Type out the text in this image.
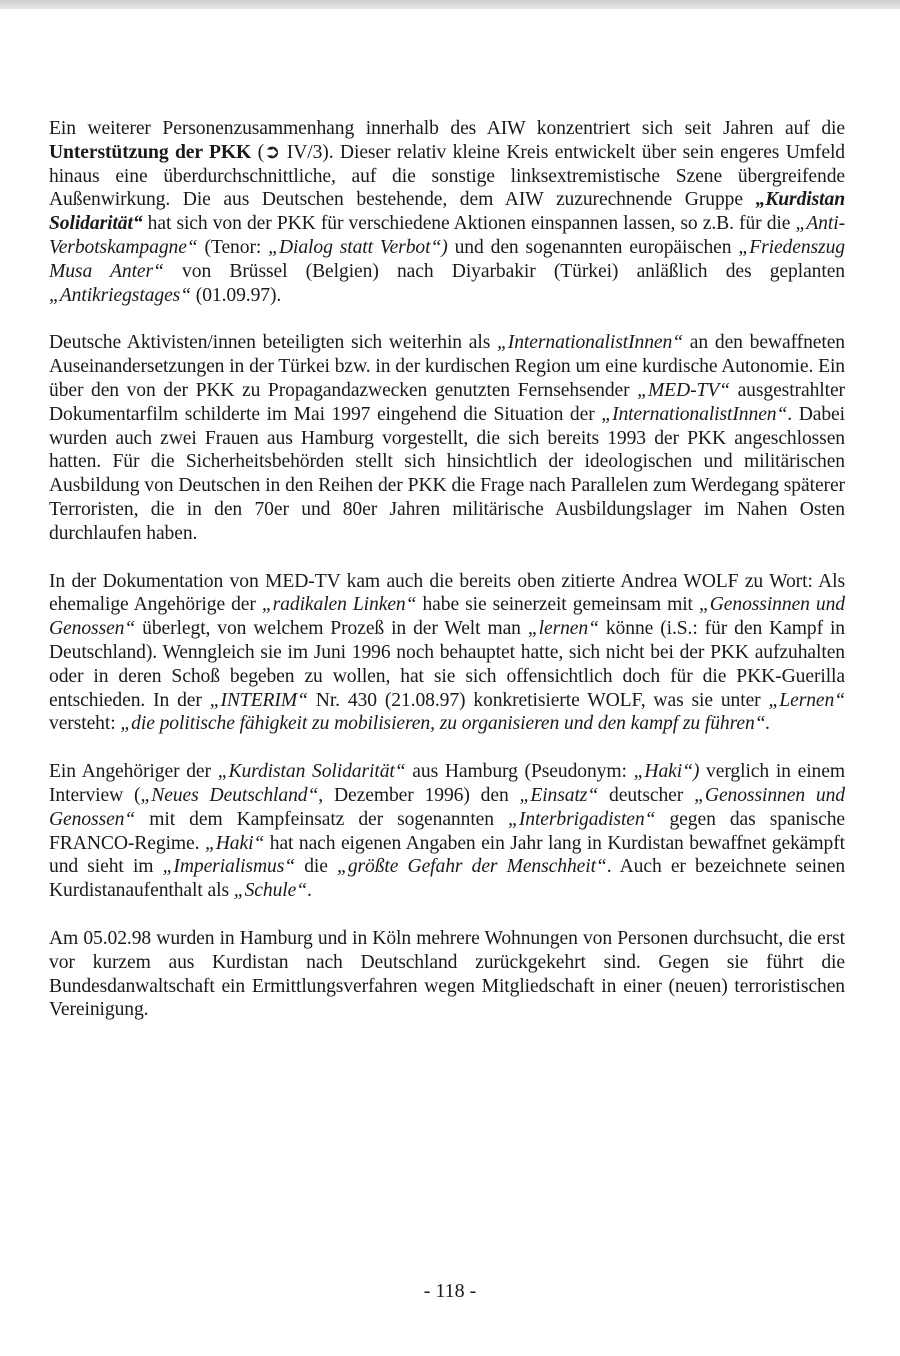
Ein weiterer Personenzusammenhang innerhalb des AIW konzentriert sich seit Jahren auf die Unterstützung der PKK (➲ IV/3). Dieser relativ kleine Kreis entwickelt über sein engeres Umfeld hinaus eine überdurchschnittliche, auf die sonstige linksextremistische Szene übergreifende Außenwirkung. Die aus Deutschen bestehende, dem AIW zuzurechnende Gruppe „Kurdistan Solidarität“ hat sich von der PKK für verschiedene Aktionen einspannen lassen, so z.B. für die „Anti-Verbotskampagne“ (Tenor: „Dialog statt Verbot“) und den sogenannten europäischen „Friedenszug Musa Anter“ von Brüssel (Belgien) nach Diyarbakir (Türkei) anläßlich des geplanten „Antikriegstages“ (01.09.97).

Deutsche Aktivisten/innen beteiligten sich weiterhin als „InternationalistInnen“ an den bewaffneten Auseinandersetzungen in der Türkei bzw. in der kurdischen Region um eine kurdische Autonomie. Ein über den von der PKK zu Propagandazwecken genutzten Fernsehsender „MED-TV“ ausgestrahlter Dokumentarfilm schilderte im Mai 1997 eingehend die Situation der „InternationalistInnen“. Dabei wurden auch zwei Frauen aus Hamburg vorgestellt, die sich bereits 1993 der PKK angeschlossen hatten. Für die Sicherheitsbehörden stellt sich hinsichtlich der ideologischen und militärischen Ausbildung von Deutschen in den Reihen der PKK die Frage nach Parallelen zum Werdegang späterer Terroristen, die in den 70er und 80er Jahren militärische Ausbildungslager im Nahen Osten durchlaufen haben.

In der Dokumentation von MED-TV kam auch die bereits oben zitierte Andrea WOLF zu Wort: Als ehemalige Angehörige der „radikalen Linken“ habe sie seinerzeit gemeinsam mit „Genossinnen und Genossen“ überlegt, von welchem Prozeß in der Welt man „lernen“ könne (i.S.: für den Kampf in Deutschland). Wenngleich sie im Juni 1996 noch behauptet hatte, sich nicht bei der PKK aufzuhalten oder in deren Schoß begeben zu wollen, hat sie sich offensichtlich doch für die PKK-Guerilla entschieden. In der „INTERIM“ Nr. 430 (21.08.97) konkretisierte WOLF, was sie unter „Lernen“ versteht: „die politische fähigkeit zu mobilisieren, zu organisieren und den kampf zu führen“.

Ein Angehöriger der „Kurdistan Solidarität“ aus Hamburg (Pseudonym: „Haki“) verglich in einem Interview („Neues Deutschland“, Dezember 1996) den „Einsatz“ deutscher „Genossinnen und Genossen“ mit dem Kampfeinsatz der sogenannten „Interbrigadisten“ gegen das spanische FRANCO-Regime. „Haki“ hat nach eigenen Angaben ein Jahr lang in Kurdistan bewaffnet gekämpft und sieht im „Imperialismus“ die „größte Gefahr der Menschheit“. Auch er bezeichnete seinen Kurdistanaufenthalt als „Schule“.

Am 05.02.98 wurden in Hamburg und in Köln mehrere Wohnungen von Personen durchsucht, die erst vor kurzem aus Kurdistan nach Deutschland zurückgekehrt sind. Gegen sie führt die Bundesdanwaltschaft ein Ermittlungsverfahren wegen Mitgliedschaft in einer (neuen) terroristischen Vereinigung.

- 118 -
